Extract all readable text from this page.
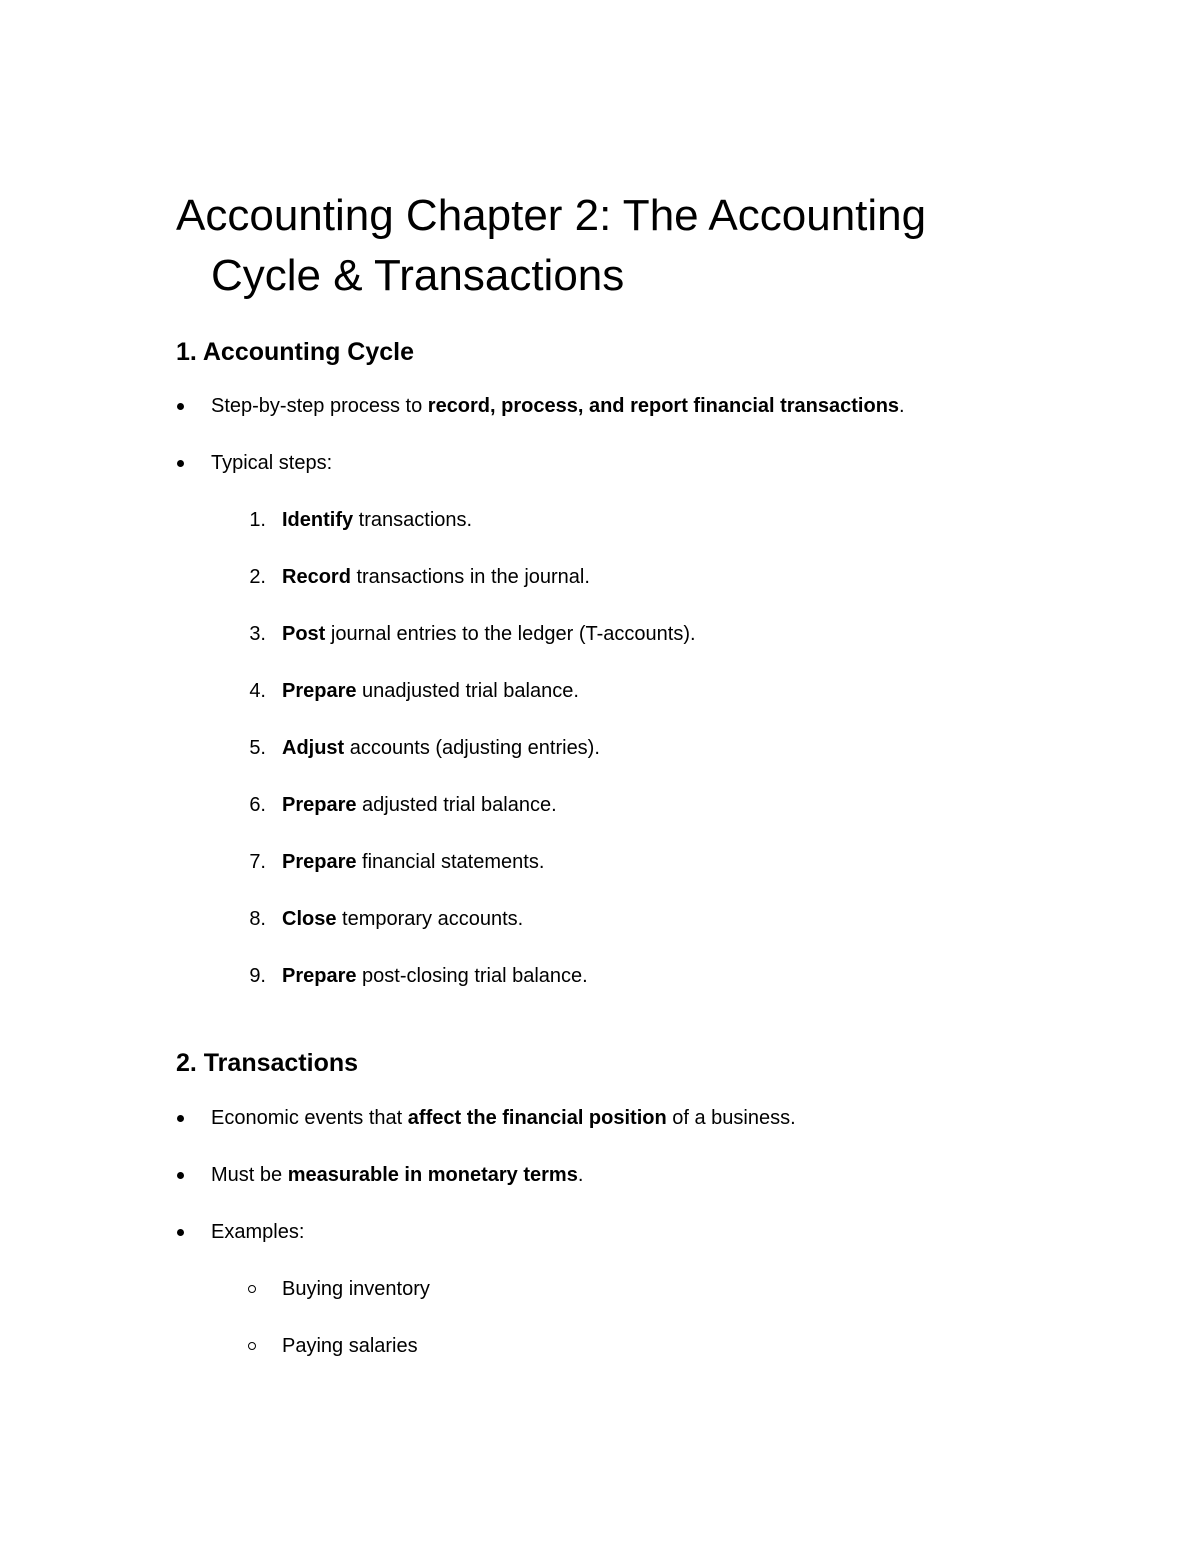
Accounting Chapter 2: The Accounting
Cycle & Transactions
1. Accounting Cycle
Step-by-step process to record, process, and report financial transactions.
Typical steps:
1. Identify transactions.
2. Record transactions in the journal.
3. Post journal entries to the ledger (T-accounts).
4. Prepare unadjusted trial balance.
5. Adjust accounts (adjusting entries).
6. Prepare adjusted trial balance.
7. Prepare financial statements.
8. Close temporary accounts.
9. Prepare post-closing trial balance.
2. Transactions
Economic events that affect the financial position of a business.
Must be measurable in monetary terms.
Examples:
Buying inventory
Paying salaries
